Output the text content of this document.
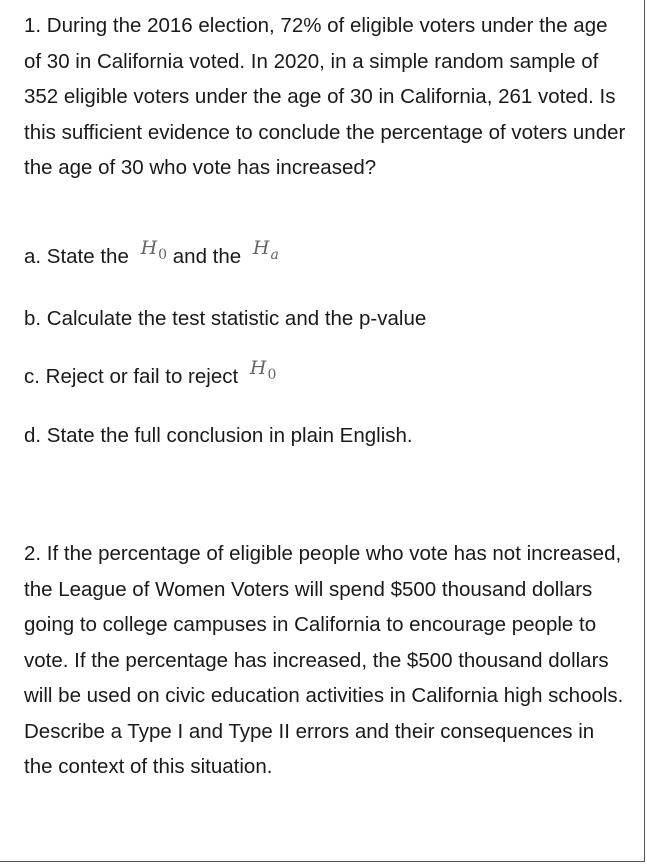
1. During the 2016 election, 72% of eligible voters under the age of 30 in California voted. In 2020, in a simple random sample of 352 eligible voters under the age of 30 in California, 261 voted. Is this sufficient evidence to conclude the percentage of voters under the age of 30 who vote has increased?
a. State the $H_0$ and the $H_a$
b. Calculate the test statistic and the p-value
c. Reject or fail to reject $H_0$
d. State the full conclusion in plain English.
2. If the percentage of eligible people who vote has not increased, the League of Women Voters will spend $500 thousand dollars going to college campuses in California to encourage people to vote. If the percentage has increased, the $500 thousand dollars will be used on civic education activities in California high schools. Describe a Type I and Type II errors and their consequences in the context of this situation.
